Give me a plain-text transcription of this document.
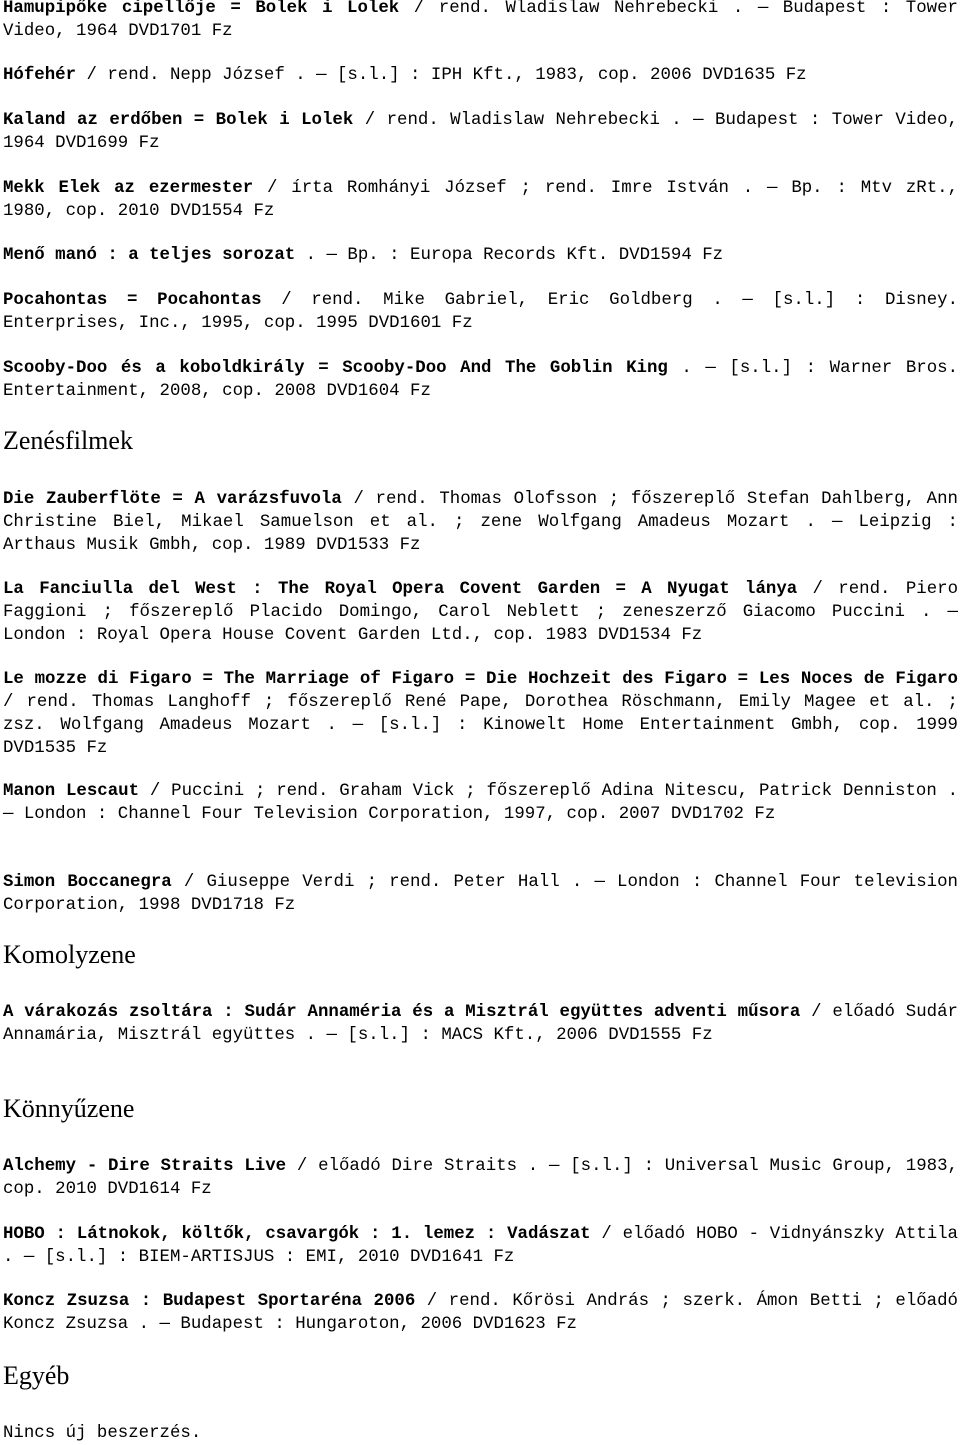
Hamupipőke cipellője = Bolek i Lolek / rend. Wladislaw Nehrebecki . — Budapest : Tower Video, 1964 DVD1701 Fz
Hófehér / rend. Nepp József . — [s.l.] : IPH Kft., 1983, cop. 2006 DVD1635 Fz
Kaland az erdőben = Bolek i Lolek / rend. Wladislaw Nehrebecki . — Budapest : Tower Video, 1964 DVD1699 Fz
Mekk Elek az ezermester / írta Romhányi József ; rend. Imre István . — Bp. : Mtv zRt., 1980, cop. 2010 DVD1554 Fz
Menő manó : a teljes sorozat . — Bp. : Europa Records Kft. DVD1594 Fz
Pocahontas = Pocahontas / rend. Mike Gabriel, Eric Goldberg . — [s.l.] : Disney. Enterprises, Inc., 1995, cop. 1995 DVD1601 Fz
Scooby-Doo és a koboldkirály = Scooby-Doo And The Goblin King . — [s.l.] : Warner Bros. Entertainment, 2008, cop. 2008 DVD1604 Fz
Zenésfilmek
Die Zauberflöte = A varázsfuvola / rend. Thomas Olofsson ; főszereplő Stefan Dahlberg, Ann Christine Biel, Mikael Samuelson et al. ; zene Wolfgang Amadeus Mozart . — Leipzig : Arthaus Musik Gmbh, cop. 1989 DVD1533 Fz
La Fanciulla del West : The Royal Opera Covent Garden = A Nyugat lánya / rend. Piero Faggioni ; főszereplő Placido Domingo, Carol Neblett ; zeneszerző Giacomo Puccini . — London : Royal Opera House Covent Garden Ltd., cop. 1983 DVD1534 Fz
Le mozze di Figaro = The Marriage of Figaro = Die Hochzeit des Figaro = Les Noces de Figaro / rend. Thomas Langhoff ; főszereplő René Pape, Dorothea Röschmann, Emily Magee et al. ; zsz. Wolfgang Amadeus Mozart . — [s.l.] : Kinowelt Home Entertainment Gmbh, cop. 1999 DVD1535 Fz
Manon Lescaut / Puccini ; rend. Graham Vick ; főszereplő Adina Nitescu, Patrick Denniston . — London : Channel Four Television Corporation, 1997, cop. 2007 DVD1702 Fz
Simon Boccanegra / Giuseppe Verdi ; rend. Peter Hall . — London : Channel Four television Corporation, 1998 DVD1718 Fz
Komolyzene
A várakozás zsoltára : Sudár Annaméria és a Misztrál együttes adventi műsora / előadó Sudár Annamária, Misztrál együttes . — [s.l.] : MACS Kft., 2006 DVD1555 Fz
Könnyűzene
Alchemy - Dire Straits Live / előadó Dire Straits . — [s.l.] : Universal Music Group, 1983, cop. 2010 DVD1614 Fz
HOBO : Látnokok, költők, csavargók : 1. lemez : Vadászat / előadó HOBO - Vidnyánszky Attila . — [s.l.] : BIEM-ARTISJUS : EMI, 2010 DVD1641 Fz
Koncz Zsuzsa : Budapest Sportaréna 2006 / rend. Kőrösi András ; szerk. Ámon Betti ; előadó Koncz Zsuzsa . — Budapest : Hungaroton, 2006 DVD1623 Fz
Egyéb
Nincs új beszerzés.
